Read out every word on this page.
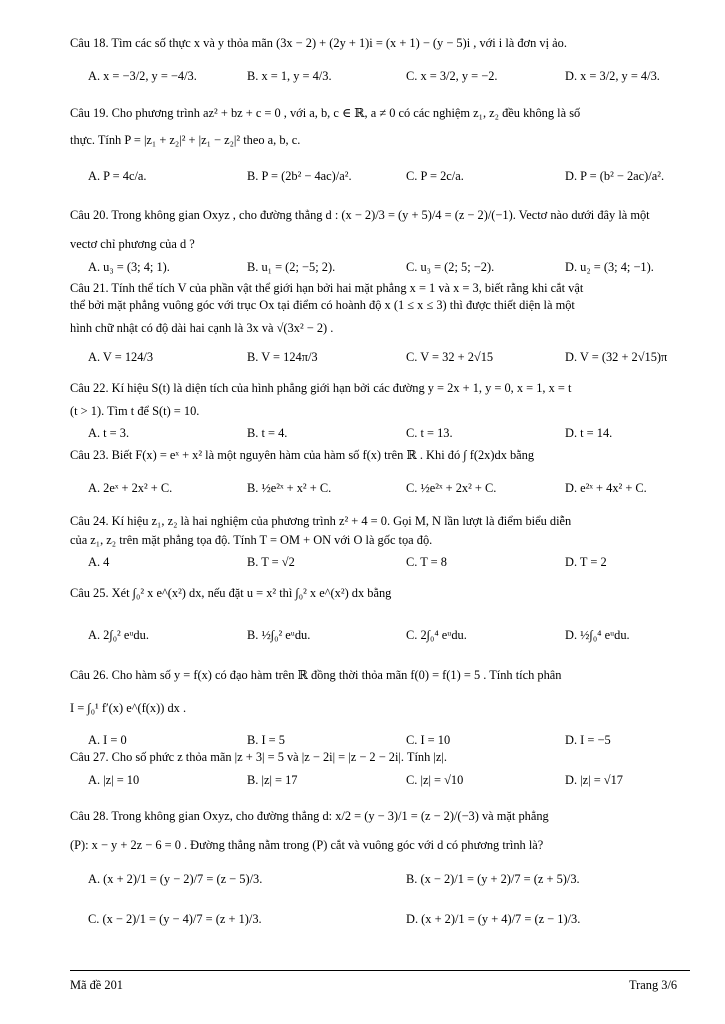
Câu 18. Tìm các số thực x và y thỏa mãn (3x − 2) + (2y + 1)i = (x + 1) − (y − 5)i , với i là đơn vị ảo.
A. x = −3/2, y = −4/3.	B. x = 1, y = 4/3.	C. x = 3/2, y = −2.	D. x = 3/2, y = 4/3.
Câu 19. Cho phương trình az² + bz + c = 0 , với a, b, c ∈ ℝ, a ≠ 0 có các nghiệm z₁, z₂ đều không là số
thực. Tính P = |z₁ + z₂|² + |z₁ − z₂|² theo a, b, c.
A. P = 4c/a.	B. P = (2b² − 4ac)/a².	C. P = 2c/a.	D. P = (b² − 2ac)/a².
Câu 20. Trong không gian Oxyz , cho đường thẳng d : (x − 2)/3 = (y + 5)/4 = (z − 2)/(−1). Vectơ nào dưới đây là một
vectơ chỉ phương của d ?
A. u₃ = (3; 4; 1).	B. u₁ = (2; −5; 2).	C. u₃ = (2; 5; −2).	D. u₂ = (3; 4; −1).
Câu 21. Tính thể tích V của phần vật thể giới hạn bởi hai mặt phẳng x = 1 và x = 3, biết rằng khi cắt vật
thể bởi mặt phẳng vuông góc với trục Ox tại điểm có hoành độ x (1 ≤ x ≤ 3) thì được thiết diện là một
hình chữ nhật có độ dài hai cạnh là 3x và √(3x² − 2) .
A. V = 124/3	B. V = 124π/3	C. V = 32 + 2√15	D. V = (32 + 2√15)π
Câu 22. Kí hiệu S(t) là diện tích của hình phẳng giới hạn bởi các đường y = 2x + 1, y = 0, x = 1, x = t
(t > 1). Tìm t để S(t) = 10.
A. t = 3.	B. t = 4.	C. t = 13.	D. t = 14.
Câu 23. Biết F(x) = eˣ + x² là một nguyên hàm của hàm số f(x) trên ℝ . Khi đó ∫ f(2x)dx bằng
A. 2eˣ + 2x² + C.	B. ½e²ˣ + x² + C.	C. ½e²ˣ + 2x² + C.	D. e²ˣ + 4x² + C.
Câu 24. Kí hiệu z₁, z₂ là hai nghiệm của phương trình z² + 4 = 0. Gọi M, N lần lượt là điểm biểu diễn
của z₁, z₂ trên mặt phẳng tọa độ. Tính T = OM + ON với O là gốc tọa độ.
A. 4	B. T = √2	C. T = 8	D. T = 2
Câu 25. Xét ∫₀² x e^(x²) dx, nếu đặt u = x² thì ∫₀² x e^(x²) dx bằng
A. 2∫₀² eᵘdu.	B. ½∫₀² eᵘdu.	C. 2∫₀⁴ eᵘdu.	D. ½∫₀⁴ eᵘdu.
Câu 26. Cho hàm số y = f(x) có đạo hàm trên ℝ đồng thời thỏa mãn f(0) = f(1) = 5 . Tính tích phân
I = ∫₀¹ f′(x) e^(f(x)) dx .
A. I = 0	B. I = 5	C. I = 10	D. I = −5
Câu 27. Cho số phức z thỏa mãn |z + 3| = 5 và |z − 2i| = |z − 2 − 2i|. Tính |z|.
A. |z| = 10	B. |z| = 17	C. |z| = √10	D. |z| = √17
Câu 28. Trong không gian Oxyz, cho đường thẳng d: x/2 = (y − 3)/1 = (z − 2)/(−3) và mặt phẳng
(P): x − y + 2z − 6 = 0 . Đường thẳng nằm trong (P) cắt và vuông góc với d có phương trình là?
A. (x + 2)/1 = (y − 2)/7 = (z − 5)/3.	B. (x − 2)/1 = (y + 2)/7 = (z + 5)/3.
C. (x − 2)/1 = (y − 4)/7 = (z + 1)/3.	D. (x + 2)/1 = (y + 4)/7 = (z − 1)/3.
Mã đề 201	Trang 3/6
